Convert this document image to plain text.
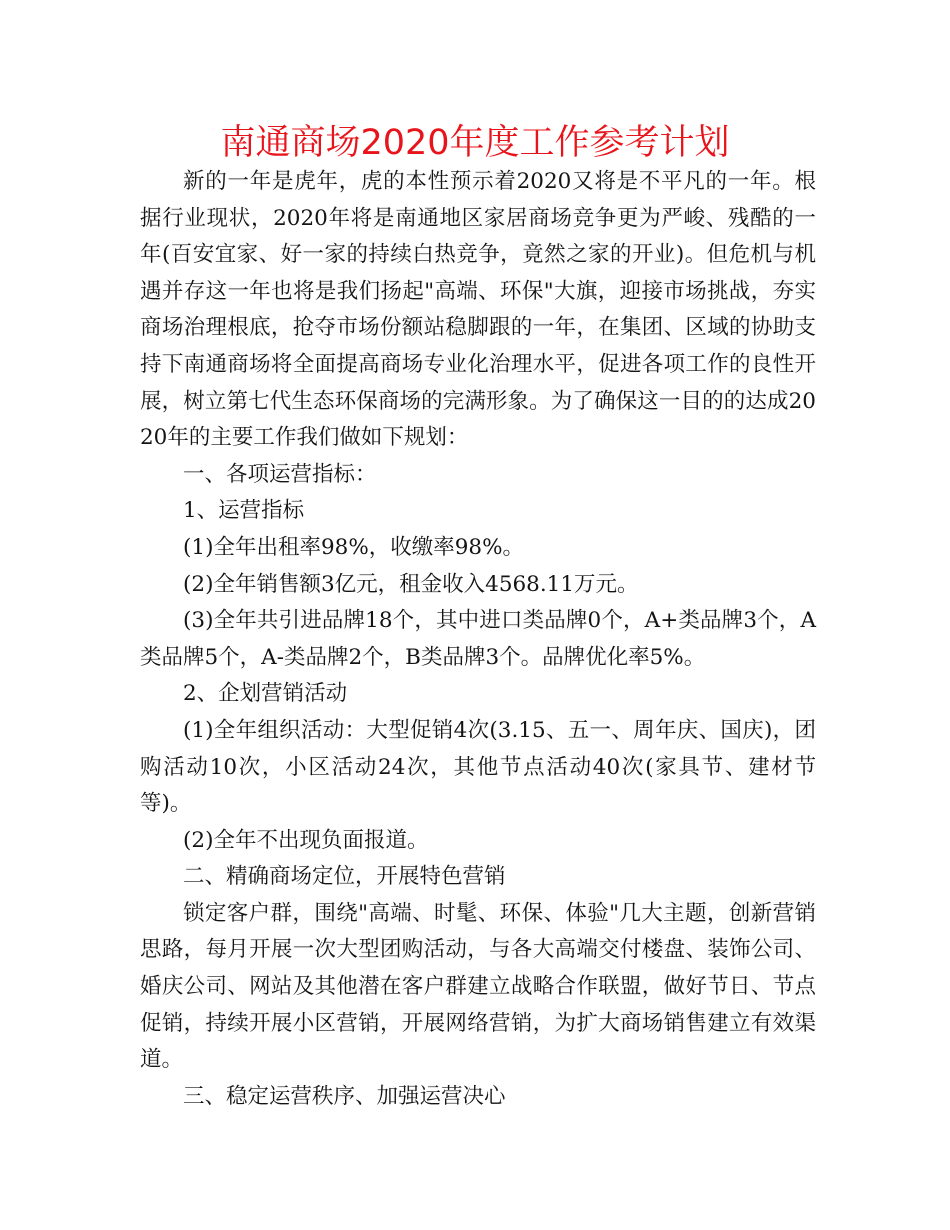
南通商场2020年度工作参考计划

新的一年是虎年，虎的本性预示着2020又将是不平凡的一年。根据行业现状，2020年将是南通地区家居商场竞争更为严峻、残酷的一年(百安宜家、好一家的持续白热竞争，竟然之家的开业)。但危机与机遇并存这一年也将是我们扬起"高端、环保"大旗，迎接市场挑战，夯实商场治理根底，抢夺市场份额站稳脚跟的一年，在集团、区域的协助支持下南通商场将全面提高商场专业化治理水平，促进各项工作的良性开展，树立第七代生态环保商场的完满形象。为了确保这一目的的达成2020年的主要工作我们做如下规划：

一、各项运营指标：

1、运营指标

(1)全年出租率98%，收缴率98%。

(2)全年销售额3亿元，租金收入4568.11万元。

(3)全年共引进品牌18个，其中进口类品牌0个，A+类品牌3个，A类品牌5个，A-类品牌2个，B类品牌3个。品牌优化率5%。

2、企划营销活动

(1)全年组织活动：大型促销4次(3.15、五一、周年庆、国庆)，团购活动10次，小区活动24次，其他节点活动40次(家具节、建材节等)。

(2)全年不出现负面报道。

二、精确商场定位，开展特色营销

锁定客户群，围绕"高端、时髦、环保、体验"几大主题，创新营销思路，每月开展一次大型团购活动，与各大高端交付楼盘、装饰公司、婚庆公司、网站及其他潜在客户群建立战略合作联盟，做好节日、节点促销，持续开展小区营销，开展网络营销，为扩大商场销售建立有效渠道。

三、稳定运营秩序、加强运营决心
